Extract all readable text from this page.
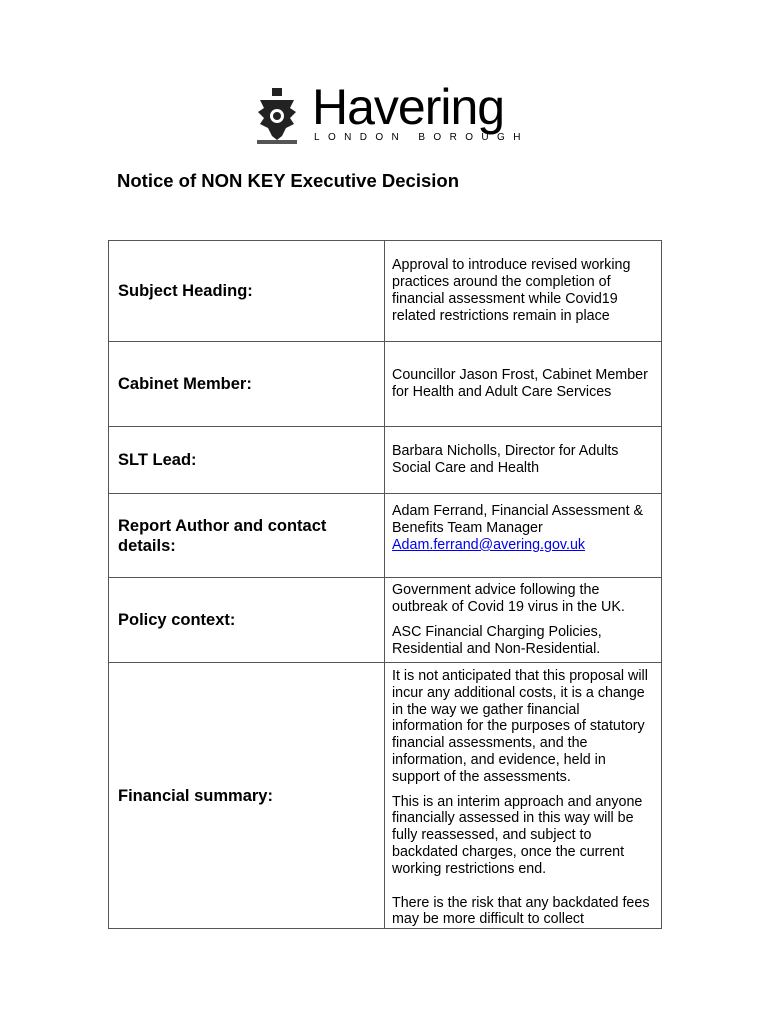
Havering
LONDON BOROUGH
Notice of NON KEY Executive Decision
Subject Heading:	Approval to introduce revised working practices around the completion of financial assessment while Covid19 related restrictions remain in place

Cabinet Member:	Councillor Jason Frost, Cabinet Member for Health and Adult Care Services

SLT Lead:	Barbara Nicholls, Director for Adults Social Care and Health

Report Author and contact details:	Adam Ferrand, Financial Assessment & Benefits Team Manager

Adam.ferrand@avering.gov.uk

Policy context:	Government advice following the outbreak of Covid 19 virus in the UK.

ASC Financial Charging Policies, Residential and Non-Residential.

Financial summary:	It is not anticipated that this proposal will incur any additional costs, it is a change in the way we gather financial information for the purposes of statutory financial assessments, and the information, and evidence, held in support of the assessments.

This is an interim approach and anyone financially assessed in this way will be fully reassessed, and subject to backdated charges, once the current working restrictions end.

There is the risk that any backdated fees may be more difficult to collect
